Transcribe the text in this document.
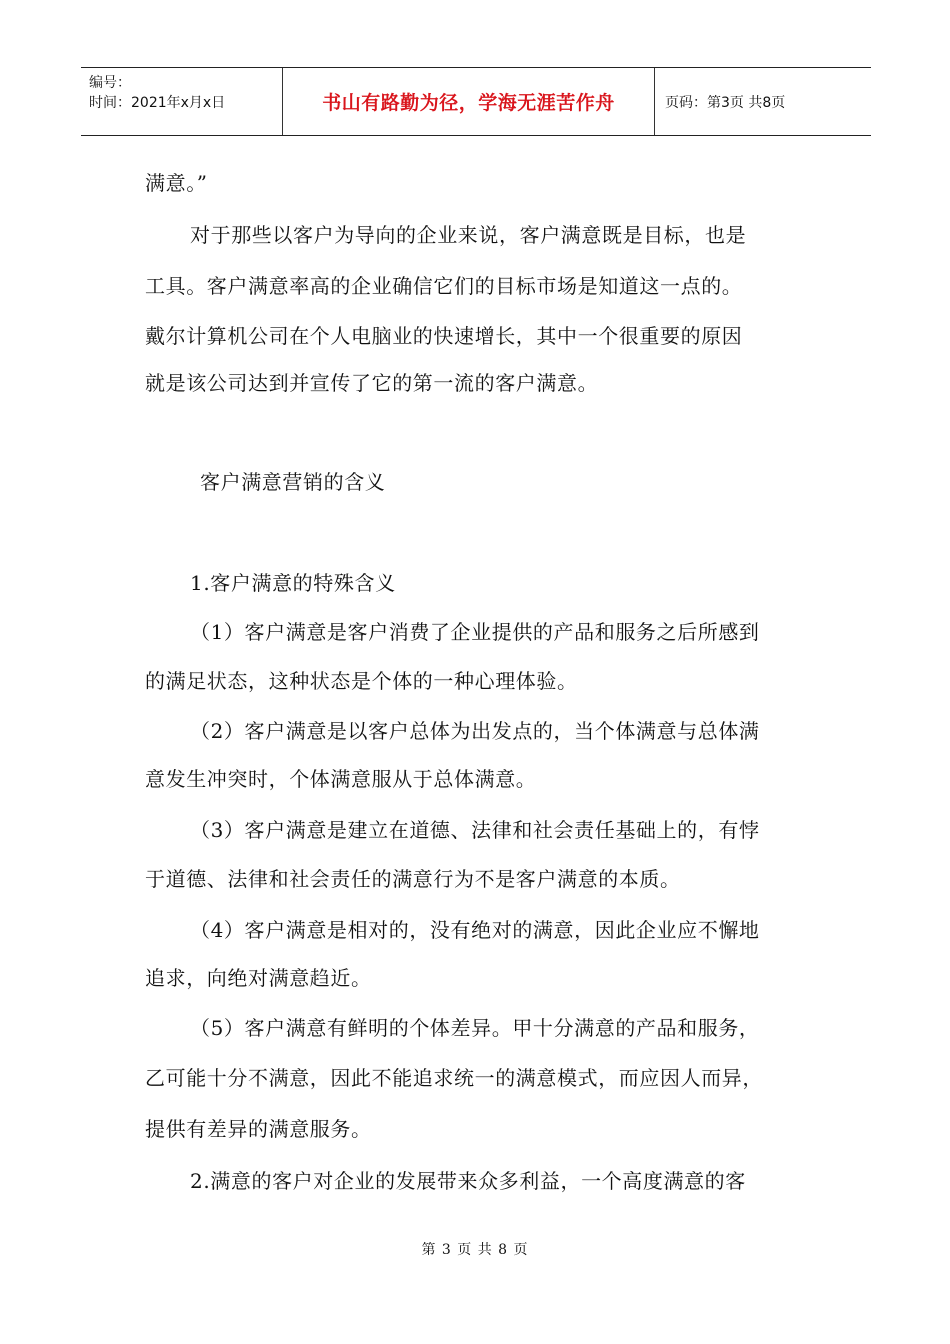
编号：
时间：2021年x月x日	书山有路勤为径，学海无涯苦作舟	页码：第3页 共8页

满意。”

对于那些以客户为导向的企业来说，客户满意既是目标，也是

工具。客户满意率高的企业确信它们的目标市场是知道这一点的。

戴尔计算机公司在个人电脑业的快速增长，其中一个很重要的原因

就是该公司达到并宣传了它的第一流的客户满意。

客户满意营销的含义

1.客户满意的特殊含义

（1）客户满意是客户消费了企业提供的产品和服务之后所感到

的满足状态，这种状态是个体的一种心理体验。

（2）客户满意是以客户总体为出发点的，当个体满意与总体满

意发生冲突时，个体满意服从于总体满意。

（3）客户满意是建立在道德、法律和社会责任基础上的，有悖

于道德、法律和社会责任的满意行为不是客户满意的本质。

（4）客户满意是相对的，没有绝对的满意，因此企业应不懈地

追求，向绝对满意趋近。

（5）客户满意有鲜明的个体差异。甲十分满意的产品和服务，

乙可能十分不满意，因此不能追求统一的满意模式，而应因人而异，

提供有差异的满意服务。

2.满意的客户对企业的发展带来众多利益，一个高度满意的客

第 3 页 共 8 页
